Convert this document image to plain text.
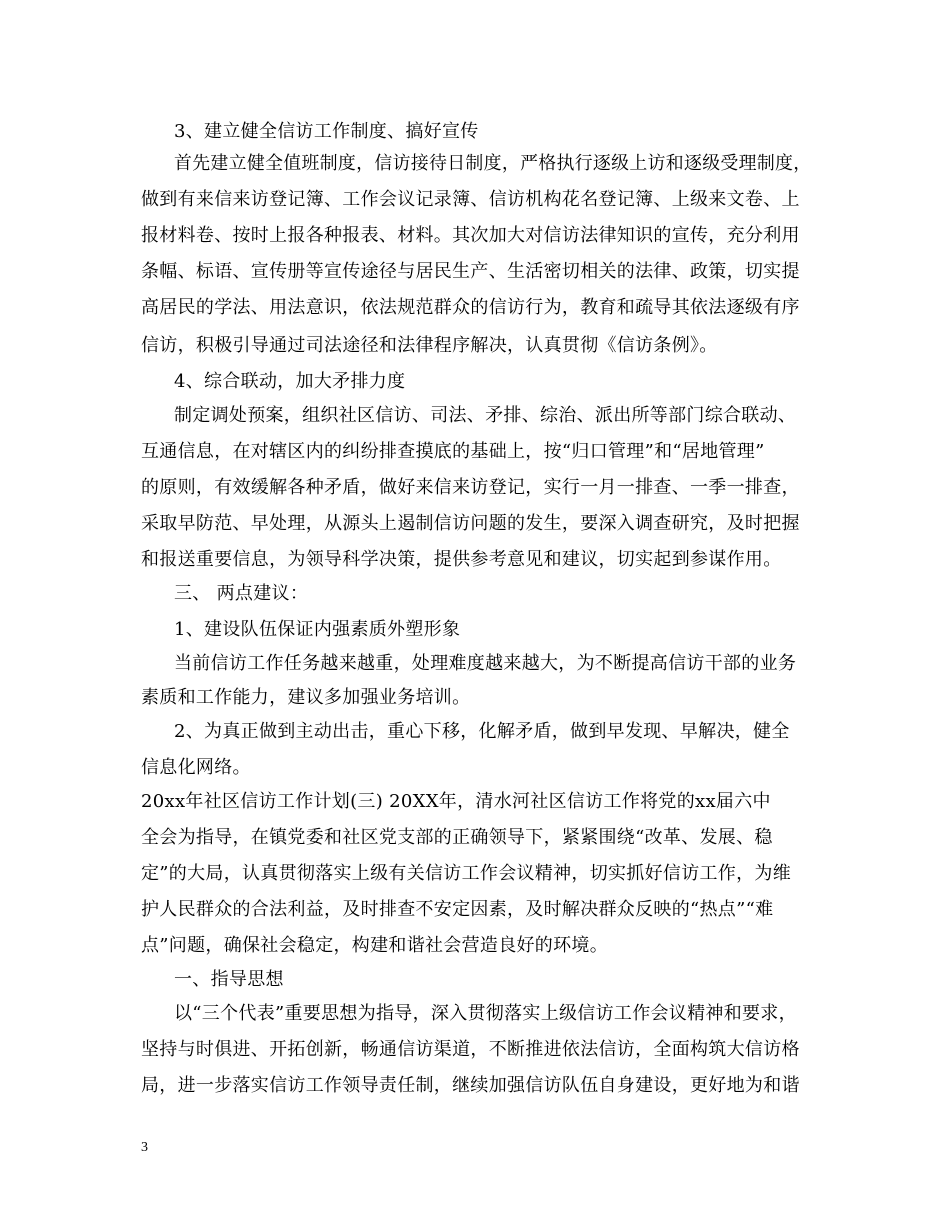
3、建立健全信访工作制度、搞好宣传
首先建立健全值班制度，信访接待日制度，严格执行逐级上访和逐级受理制度，
做到有来信来访登记簿、工作会议记录簿、信访机构花名登记簿、上级来文卷、上
报材料卷、按时上报各种报表、材料。其次加大对信访法律知识的宣传，充分利用
条幅、标语、宣传册等宣传途径与居民生产、生活密切相关的法律、政策，切实提
高居民的学法、用法意识，依法规范群众的信访行为，教育和疏导其依法逐级有序
信访，积极引导通过司法途径和法律程序解决，认真贯彻《信访条例》。
4、综合联动，加大矛排力度
制定调处预案，组织社区信访、司法、矛排、综治、派出所等部门综合联动、
互通信息，在对辖区内的纠纷排查摸底的基础上，按“归口管理”和“居地管理”
的原则，有效缓解各种矛盾，做好来信来访登记，实行一月一排查、一季一排查，
采取早防范、早处理，从源头上遏制信访问题的发生，要深入调查研究，及时把握
和报送重要信息，为领导科学决策，提供参考意见和建议，切实起到参谋作用。
三、 两点建议：
1、建设队伍保证内强素质外塑形象
当前信访工作任务越来越重，处理难度越来越大，为不断提高信访干部的业务
素质和工作能力，建议多加强业务培训。
2、为真正做到主动出击，重心下移，化解矛盾，做到早发现、早解决，健全
信息化网络。
20xx年社区信访工作计划(三) 20XX年，清水河社区信访工作将党的xx届六中
全会为指导，在镇党委和社区党支部的正确领导下，紧紧围绕“改革、发展、稳
定”的大局，认真贯彻落实上级有关信访工作会议精神，切实抓好信访工作，为维
护人民群众的合法利益，及时排查不安定因素，及时解决群众反映的“热点”“难
点”问题，确保社会稳定，构建和谐社会营造良好的环境。
一、指导思想
以“三个代表”重要思想为指导，深入贯彻落实上级信访工作会议精神和要求，
坚持与时俱进、开拓创新，畅通信访渠道，不断推进依法信访，全面构筑大信访格
局，进一步落实信访工作领导责任制，继续加强信访队伍自身建设，更好地为和谐
3
